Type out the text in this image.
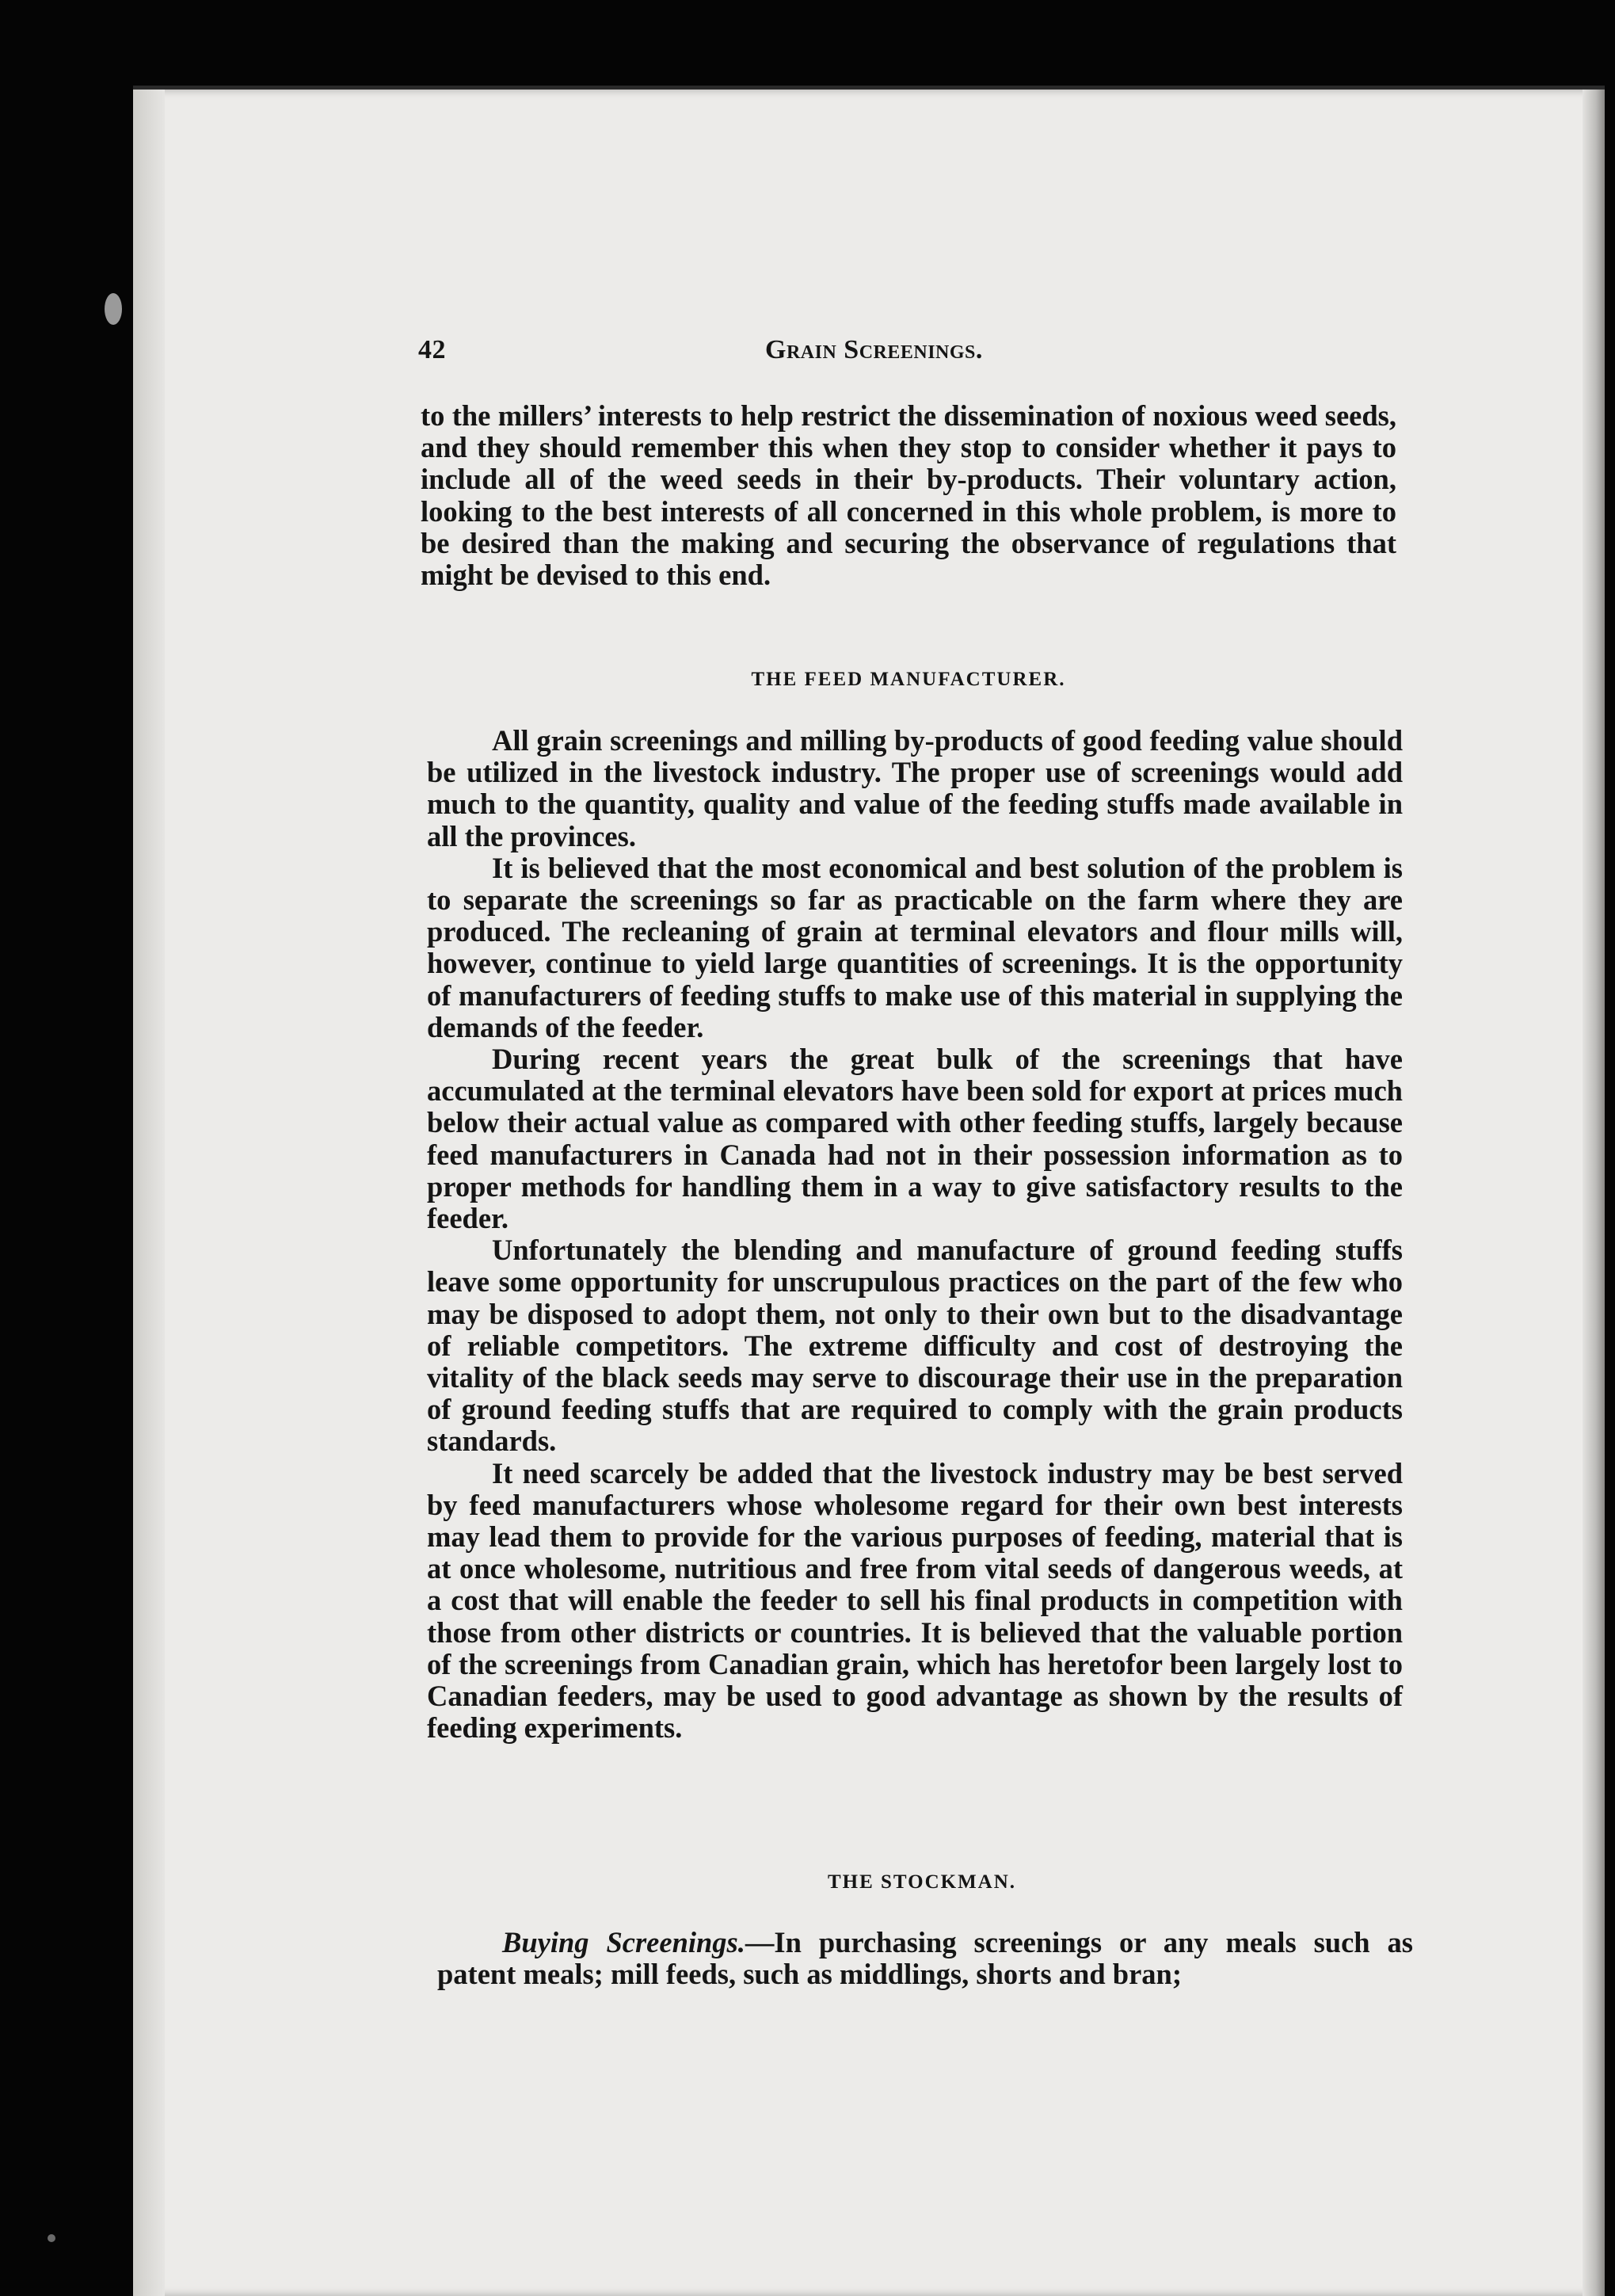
42	Grain Screenings.

to the millers’ interests to help restrict the dissemination of noxious weed seeds, and they should remember this when they stop to consider whether it pays to include all of the weed seeds in their by-products. Their voluntary action, looking to the best interests of all concerned in this whole problem, is more to be desired than the making and securing the observance of regulations that might be devised to this end.

THE FEED MANUFACTURER.

All grain screenings and milling by-products of good feeding value should be utilized in the livestock industry. The proper use of screenings would add much to the quantity, quality and value of the feeding stuffs made available in all the provinces.

It is believed that the most economical and best solution of the problem is to separate the screenings so far as practicable on the farm where they are produced. The recleaning of grain at terminal elevators and flour mills will, however, continue to yield large quantities of screenings. It is the opportunity of manufacturers of feeding stuffs to make use of this material in supplying the demands of the feeder.

During recent years the great bulk of the screenings that have accumulated at the terminal elevators have been sold for export at prices much below their actual value as compared with other feeding stuffs, largely because feed manufacturers in Canada had not in their possession information as to proper methods for handling them in a way to give satisfactory results to the feeder.

Unfortunately the blending and manufacture of ground feeding stuffs leave some opportunity for unscrupulous practices on the part of the few who may be disposed to adopt them, not only to their own but to the disadvantage of reliable competitors. The extreme difficulty and cost of destroying the vitality of the black seeds may serve to discourage their use in the preparation of ground feeding stuffs that are required to comply with the grain products standards.

It need scarcely be added that the livestock industry may be best served by feed manufacturers whose wholesome regard for their own best interests may lead them to provide for the various purposes of feeding, material that is at once wholesome, nutritious and free from vital seeds of dangerous weeds, at a cost that will enable the feeder to sell his final products in competition with those from other districts or countries. It is believed that the valuable portion of the screenings from Canadian grain, which has heretofor been largely lost to Canadian feeders, may be used to good advantage as shown by the results of feeding experiments.

THE STOCKMAN.

Buying Screenings.—In purchasing screenings or any meals such as patent meals; mill feeds, such as middlings, shorts and bran;
